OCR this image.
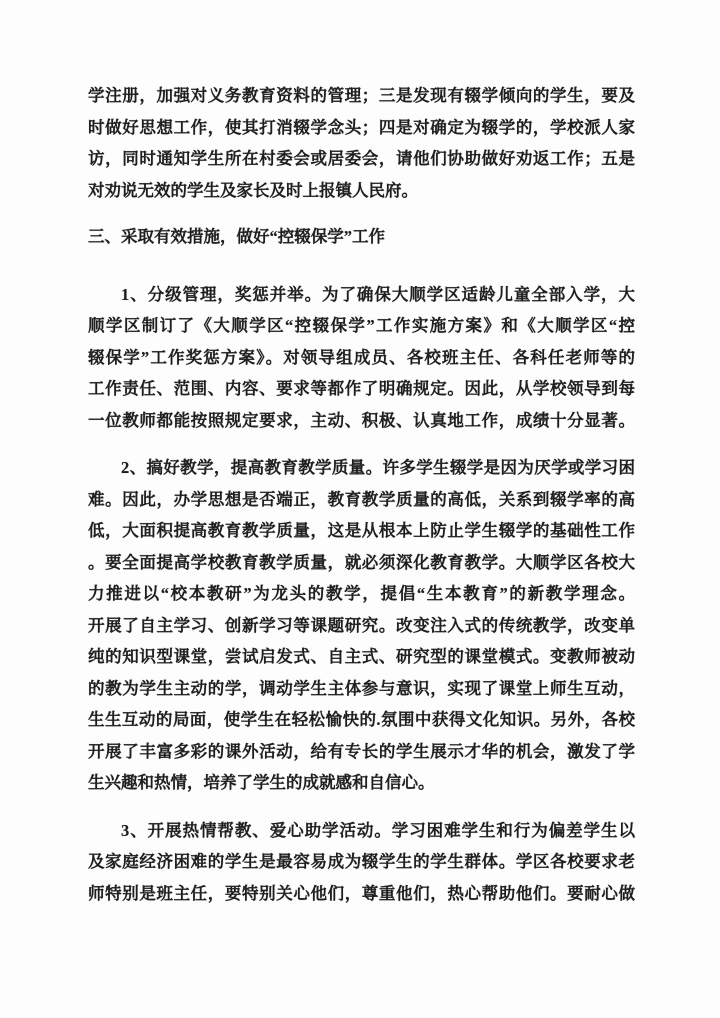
学注册，加强对义务教育资料的管理；三是发现有辍学倾向的学生，要及
时做好思想工作，使其打消辍学念头；四是对确定为辍学的，学校派人家
访，同时通知学生所在村委会或居委会，请他们协助做好劝返工作；五是
对劝说无效的学生及家长及时上报镇人民府。
三、采取有效措施，做好“控辍保学”工作
1、分级管理，奖惩并举。为了确保大顺学区适龄儿童全部入学，大
顺学区制订了《大顺学区“控辍保学”工作实施方案》和《大顺学区“控
辍保学”工作奖惩方案》。对领导组成员、各校班主任、各科任老师等的
工作责任、范围、内容、要求等都作了明确规定。因此，从学校领导到每
一位教师都能按照规定要求，主动、积极、认真地工作，成绩十分显著。
2、搞好教学，提高教育教学质量。许多学生辍学是因为厌学或学习困
难。因此，办学思想是否端正，教育教学质量的高低，关系到辍学率的高
低，大面积提高教育教学质量，这是从根本上防止学生辍学的基础性工作
。要全面提高学校教育教学质量，就必须深化教育教学。大顺学区各校大
力推进以“校本教研”为龙头的教学，提倡“生本教育”的新教学理念。
开展了自主学习、创新学习等课题研究。改变注入式的传统教学，改变单
纯的知识型课堂，尝试启发式、自主式、研究型的课堂模式。变教师被动
的教为学生主动的学，调动学生主体参与意识，实现了课堂上师生互动，
生生互动的局面，使学生在轻松愉快的.氛围中获得文化知识。另外，各校
开展了丰富多彩的课外活动，给有专长的学生展示才华的机会，激发了学
生兴趣和热情，培养了学生的成就感和自信心。
3、开展热情帮教、爱心助学活动。学习困难学生和行为偏差学生以
及家庭经济困难的学生是最容易成为辍学生的学生群体。学区各校要求老
师特别是班主任，要特别关心他们，尊重他们，热心帮助他们。要耐心做
